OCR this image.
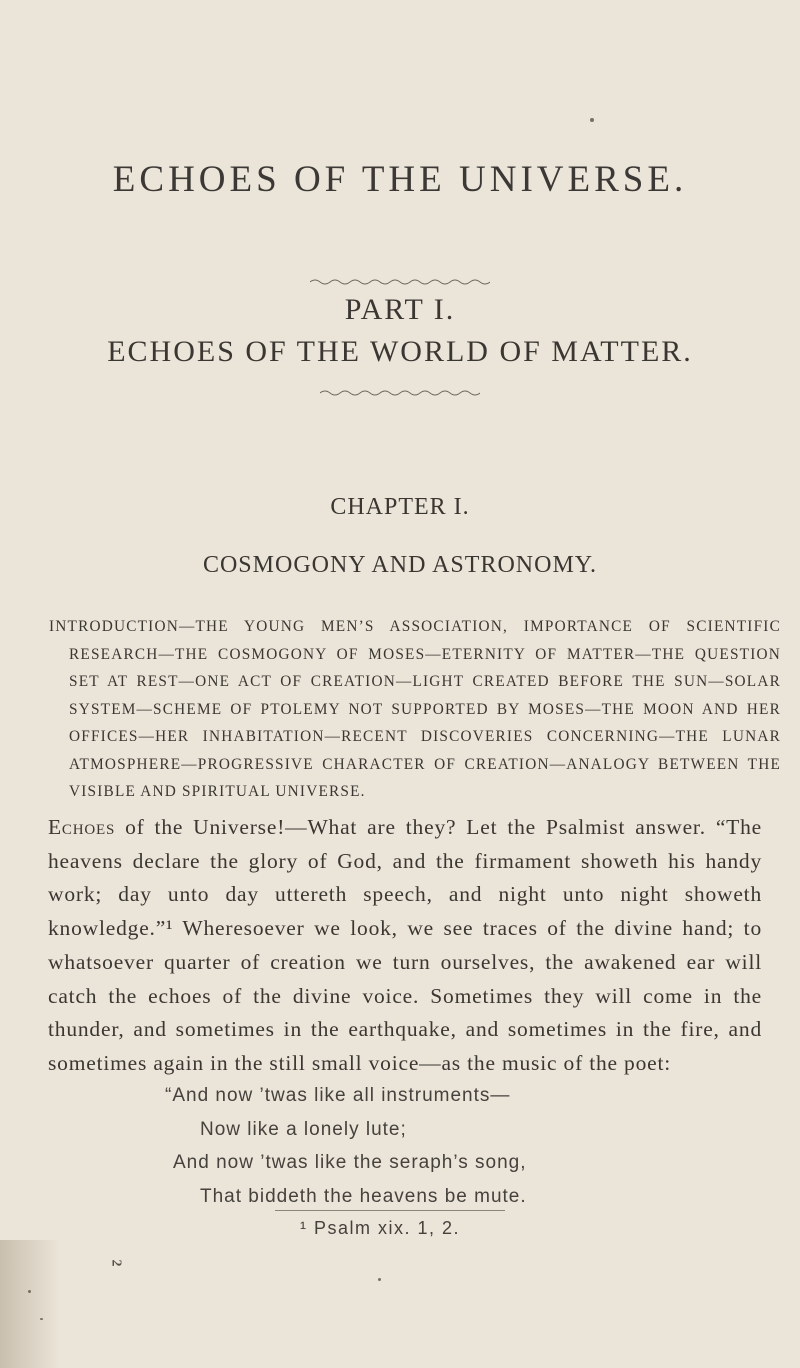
ECHOES OF THE UNIVERSE.
PART I.
ECHOES OF THE WORLD OF MATTER.
CHAPTER I.
COSMOGONY AND ASTRONOMY.
INTRODUCTION—THE YOUNG MEN’S ASSOCIATION, IMPORTANCE OF SCIENTIFIC RESEARCH—THE COSMOGONY OF MOSES—ETERNITY OF MATTER—THE QUESTION SET AT REST—ONE ACT OF CREATION—LIGHT CREATED BEFORE THE SUN—SOLAR SYSTEM—SCHEME OF PTOLEMY NOT SUPPORTED BY MOSES—THE MOON AND HER OFFICES—HER INHABITATION—RECENT DISCOVERIES CONCERNING—THE LUNAR ATMOSPHERE—PROGRESSIVE CHARACTER OF CREATION—ANALOGY BETWEEN THE VISIBLE AND SPIRITUAL UNIVERSE.
Echoes of the Universe!—What are they? Let the Psalmist answer. “The heavens declare the glory of God, and the firmament showeth his handy work; day unto day uttereth speech, and night unto night showeth knowledge.”¹ Wheresoever we look, we see traces of the divine hand; to whatsoever quarter of creation we turn ourselves, the awakened ear will catch the echoes of the divine voice. Sometimes they will come in the thunder, and sometimes in the earthquake, and sometimes in the fire, and sometimes again in the still small voice—as the music of the poet:
“And now ’twas like all instruments—
Now like a lonely lute;
And now ’twas like the seraph’s song,
That biddeth the heavens be mute.
¹ Psalm xix. 1, 2.
2
